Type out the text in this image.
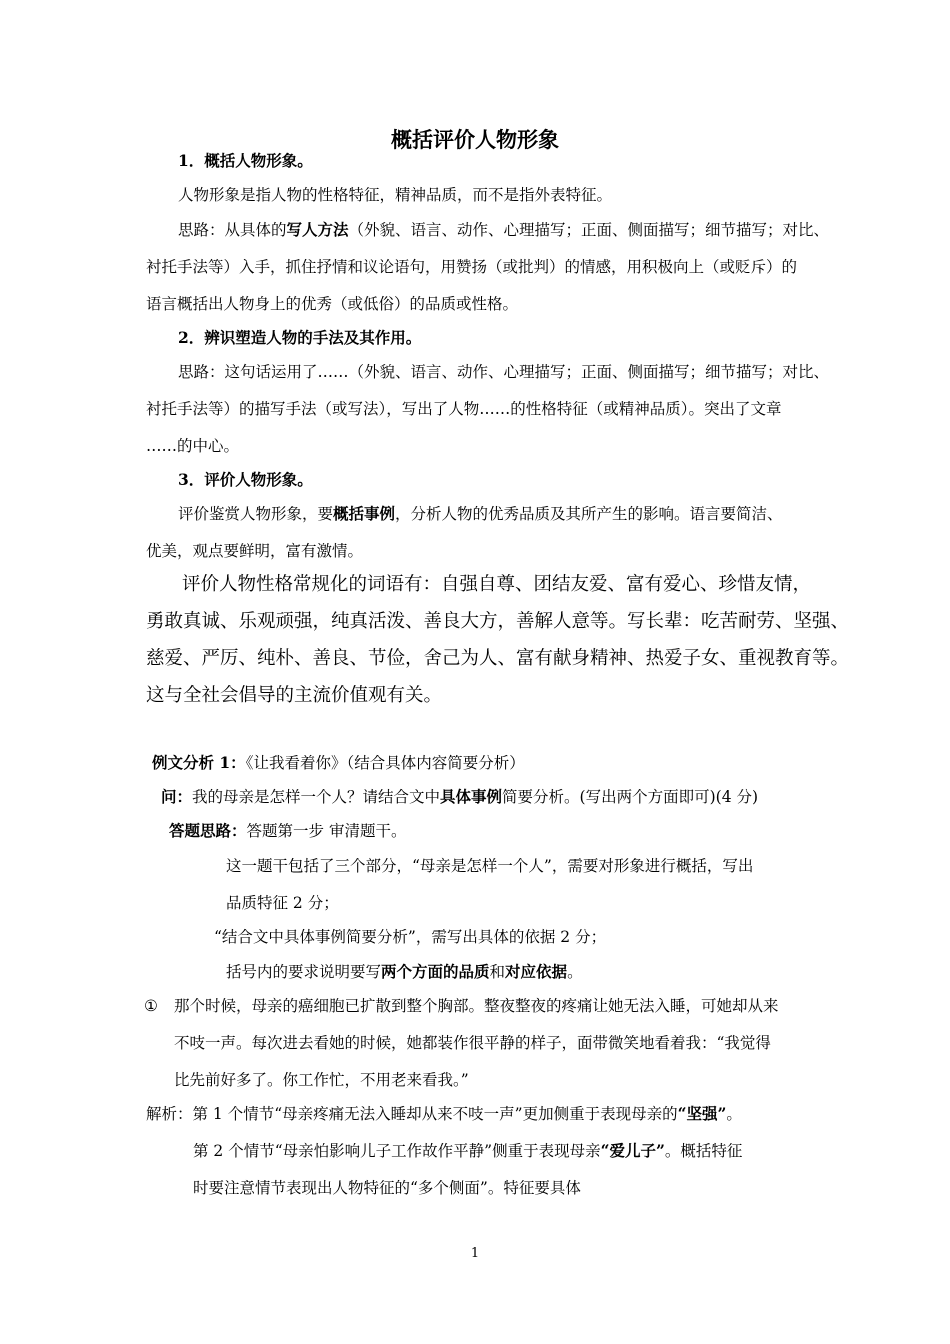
概括评价人物形象
1．概括人物形象。
人物形象是指人物的性格特征，精神品质，而不是指外表特征。
思路：从具体的写人方法（外貌、语言、动作、心理描写；正面、侧面描写；细节描写；对比、
衬托手法等）入手，抓住抒情和议论语句，用赞扬（或批判）的情感，用积极向上（或贬斥）的
语言概括出人物身上的优秀（或低俗）的品质或性格。
2．辨识塑造人物的手法及其作用。
思路：这句话运用了……（外貌、语言、动作、心理描写；正面、侧面描写；细节描写；对比、
衬托手法等）的描写手法（或写法），写出了人物……的性格特征（或精神品质）。突出了文章
……的中心。
3．评价人物形象。
评价鉴赏人物形象，要概括事例，分析人物的优秀品质及其所产生的影响。语言要简洁、
优美，观点要鲜明，富有激情。
评价人物性格常规化的词语有：自强自尊、团结友爱、富有爱心、珍惜友情，
勇敢真诚、乐观顽强，纯真活泼、善良大方，善解人意等。写长辈：吃苦耐劳、坚强、
慈爱、严厉、纯朴、善良、节俭，舍己为人、富有献身精神、热爱子女、重视教育等。
这与全社会倡导的主流价值观有关。
例文分析 1：《让我看着你》（结合具体内容简要分析）
问：我的母亲是怎样一个人？请结合文中具体事例简要分析。(写出两个方面即可)(4 分)
答题思路：答题第一步 审清题干。
这一题干包括了三个部分，“母亲是怎样一个人”，需要对形象进行概括，写出
品质特征 2 分；
“结合文中具体事例简要分析”，需写出具体的依据 2 分；
括号内的要求说明要写两个方面的品质和对应依据。
①	那个时候，母亲的癌细胞已扩散到整个胸部。整夜整夜的疼痛让她无法入睡，可她却从来
不吱一声。每次进去看她的时候，她都装作很平静的样子，面带微笑地看着我：“我觉得
比先前好多了。你工作忙，不用老来看我。”
解析：第 1 个情节“母亲疼痛无法入睡却从来不吱一声”更加侧重于表现母亲的“坚强”。
第 2 个情节“母亲怕影响儿子工作故作平静”侧重于表现母亲“爱儿子”。概括特征
时要注意情节表现出人物特征的“多个侧面”。特征要具体
1
